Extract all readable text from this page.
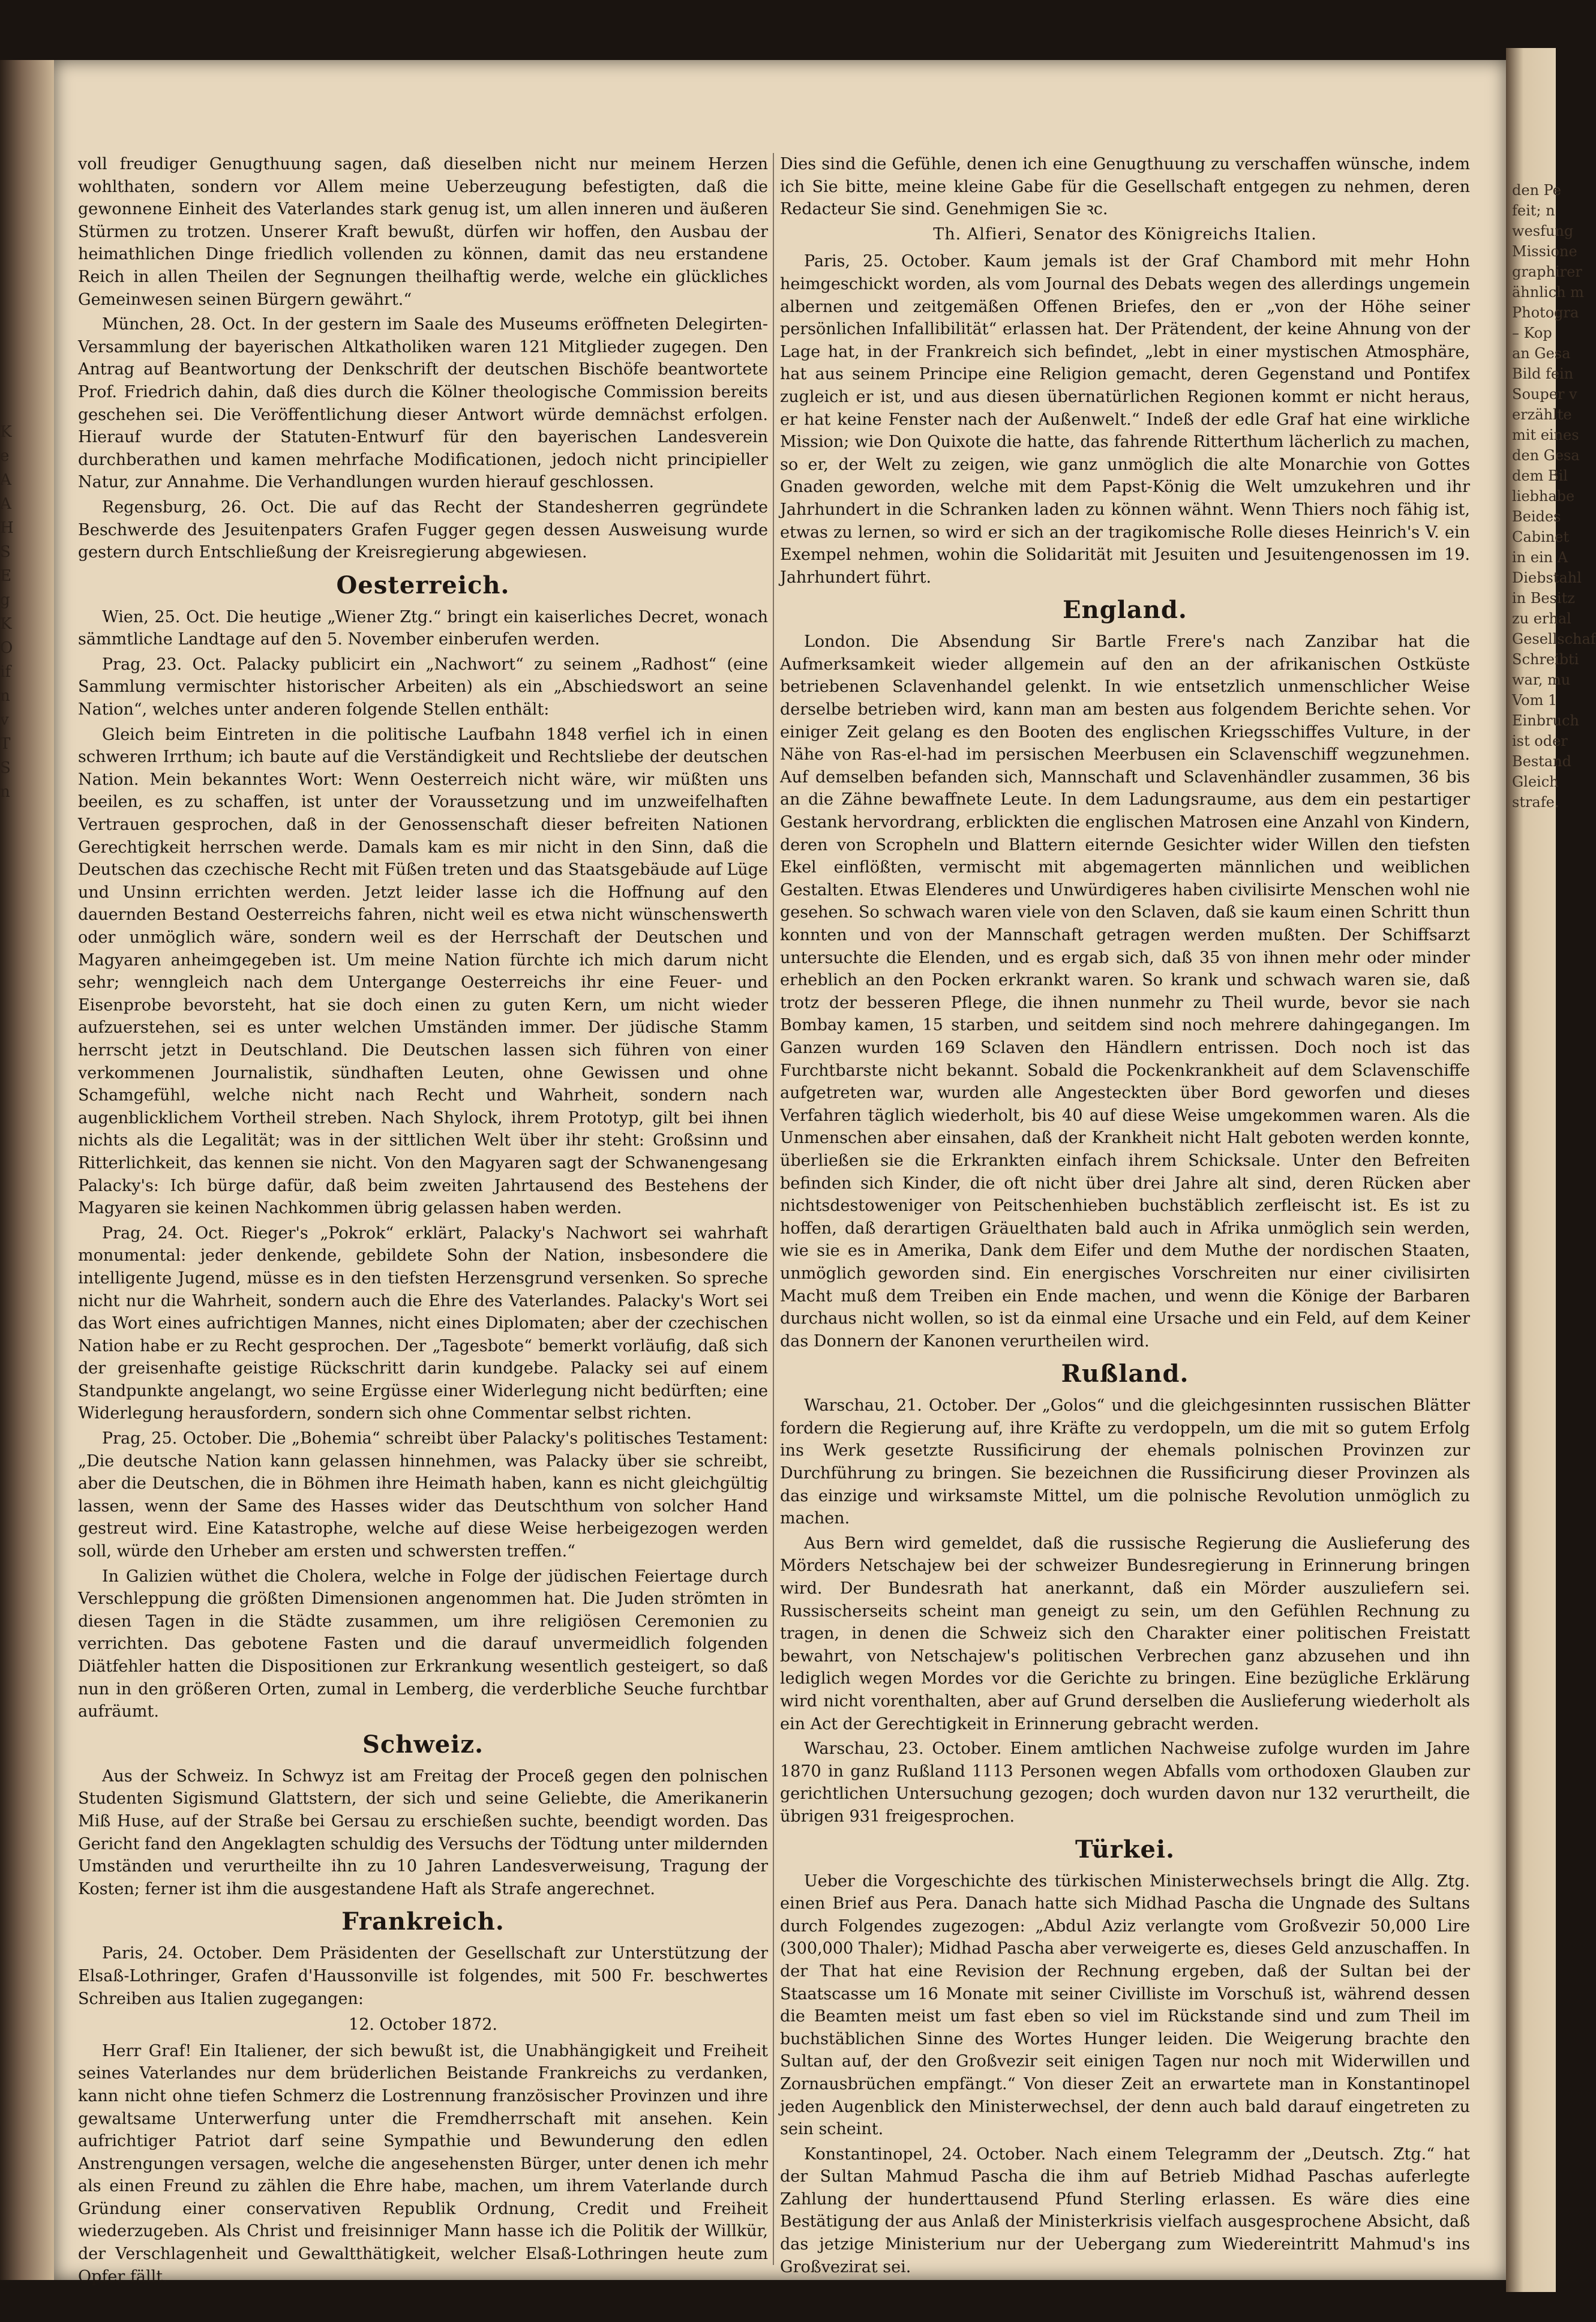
K
e
A
A
H
S
E
g
K
O
if
n
v
T
S
n
den Pe
feit; n
wesfung
Missione
graphirer
ähnlich m
Photogra
– Kop
an Gesa
Bild fein
Souper v
erzählte
mit eines
den Gesa
dem Bil
liebhabe
Beides
Cabinet
in ein A
Diebstahl
in Besitz
zu erhal
Gesellschaf
Schreibti
war, mu
Vom 1
Einbruch
ist oder
Bestand
Gleich
strafe.

voll freudiger Genugthuung sagen, daß dieselben nicht nur meinem Herzen wohlthaten, sondern vor Allem meine Ueberzeugung befestigten, daß die gewonnene Einheit des Vaterlandes stark genug ist, um allen inneren und äußeren Stürmen zu trotzen. Unserer Kraft bewußt, dürfen wir hoffen, den Ausbau der heimathlichen Dinge friedlich vollenden zu können, damit das neu erstandene Reich in allen Theilen der Segnungen theilhaftig werde, welche ein glückliches Gemeinwesen seinen Bürgern gewährt.“

München, 28. Oct. In der gestern im Saale des Museums eröffneten Delegirten-Versammlung der bayerischen Altkatholiken waren 121 Mitglieder zugegen. Den Antrag auf Beantwortung der Denkschrift der deutschen Bischöfe beantwortete Prof. Friedrich dahin, daß dies durch die Kölner theologische Commission bereits geschehen sei. Die Veröffentlichung dieser Antwort würde demnächst erfolgen. Hierauf wurde der Statuten-Entwurf für den bayerischen Landesverein durchberathen und kamen mehrfache Modificationen, jedoch nicht principieller Natur, zur Annahme. Die Verhandlungen wurden hierauf geschlossen.

Regensburg, 26. Oct. Die auf das Recht der Standesherren gegründete Beschwerde des Jesuitenpaters Grafen Fugger gegen dessen Ausweisung wurde gestern durch Entschließung der Kreisregierung abgewiesen.

Oesterreich.

Wien, 25. Oct. Die heutige „Wiener Ztg.“ bringt ein kaiserliches Decret, wonach sämmtliche Landtage auf den 5. November einberufen werden.

Prag, 23. Oct. Palacky publicirt ein „Nachwort“ zu seinem „Radhost“ (eine Sammlung vermischter historischer Arbeiten) als ein „Abschiedswort an seine Nation“, welches unter anderen folgende Stellen enthält:

Gleich beim Eintreten in die politische Laufbahn 1848 verfiel ich in einen schweren Irrthum; ich baute auf die Verständigkeit und Rechtsliebe der deutschen Nation. Mein bekanntes Wort: Wenn Oesterreich nicht wäre, wir müßten uns beeilen, es zu schaffen, ist unter der Voraussetzung und im unzweifelhaften Vertrauen gesprochen, daß in der Genossenschaft dieser befreiten Nationen Gerechtigkeit herrschen werde. Damals kam es mir nicht in den Sinn, daß die Deutschen das czechische Recht mit Füßen treten und das Staatsgebäude auf Lüge und Unsinn errichten werden. Jetzt leider lasse ich die Hoffnung auf den dauernden Bestand Oesterreichs fahren, nicht weil es etwa nicht wünschenswerth oder unmöglich wäre, sondern weil es der Herrschaft der Deutschen und Magyaren anheimgegeben ist. Um meine Nation fürchte ich mich darum nicht sehr; wenngleich nach dem Untergange Oesterreichs ihr eine Feuer- und Eisenprobe bevorsteht, hat sie doch einen zu guten Kern, um nicht wieder aufzuerstehen, sei es unter welchen Umständen immer. Der jüdische Stamm herrscht jetzt in Deutschland. Die Deutschen lassen sich führen von einer verkommenen Journalistik, sündhaften Leuten, ohne Gewissen und ohne Schamgefühl, welche nicht nach Recht und Wahrheit, sondern nach augenblicklichem Vortheil streben. Nach Shylock, ihrem Prototyp, gilt bei ihnen nichts als die Legalität; was in der sittlichen Welt über ihr steht: Großsinn und Ritterlichkeit, das kennen sie nicht. Von den Magyaren sagt der Schwanengesang Palacky's: Ich bürge dafür, daß beim zweiten Jahrtausend des Bestehens der Magyaren sie keinen Nachkommen übrig gelassen haben werden.

Prag, 24. Oct. Rieger's „Pokrok“ erklärt, Palacky's Nachwort sei wahrhaft monumental: jeder denkende, gebildete Sohn der Nation, insbesondere die intelligente Jugend, müsse es in den tiefsten Herzensgrund versenken. So spreche nicht nur die Wahrheit, sondern auch die Ehre des Vaterlandes. Palacky's Wort sei das Wort eines aufrichtigen Mannes, nicht eines Diplomaten; aber der czechischen Nation habe er zu Recht gesprochen. Der „Tagesbote“ bemerkt vorläufig, daß sich der greisenhafte geistige Rückschritt darin kundgebe. Palacky sei auf einem Standpunkte angelangt, wo seine Ergüsse einer Widerlegung nicht bedürften; eine Widerlegung herausfordern, sondern sich ohne Commentar selbst richten.

Prag, 25. October. Die „Bohemia“ schreibt über Palacky's politisches Testament: „Die deutsche Nation kann gelassen hinnehmen, was Palacky über sie schreibt, aber die Deutschen, die in Böhmen ihre Heimath haben, kann es nicht gleichgültig lassen, wenn der Same des Hasses wider das Deutschthum von solcher Hand gestreut wird. Eine Katastrophe, welche auf diese Weise herbeigezogen werden soll, würde den Urheber am ersten und schwersten treffen.“

In Galizien wüthet die Cholera, welche in Folge der jüdischen Feiertage durch Verschleppung die größten Dimensionen angenommen hat. Die Juden strömten in diesen Tagen in die Städte zusammen, um ihre religiösen Ceremonien zu verrichten. Das gebotene Fasten und die darauf unvermeidlich folgenden Diätfehler hatten die Dispositionen zur Erkrankung wesentlich gesteigert, so daß nun in den größeren Orten, zumal in Lemberg, die verderbliche Seuche furchtbar aufräumt.

Schweiz.

Aus der Schweiz. In Schwyz ist am Freitag der Proceß gegen den polnischen Studenten Sigismund Glattstern, der sich und seine Geliebte, die Amerikanerin Miß Huse, auf der Straße bei Gersau zu erschießen suchte, beendigt worden. Das Gericht fand den Angeklagten schuldig des Versuchs der Tödtung unter mildernden Umständen und verurtheilte ihn zu 10 Jahren Landesverweisung, Tragung der Kosten; ferner ist ihm die ausgestandene Haft als Strafe angerechnet.

Frankreich.

Paris, 24. October. Dem Präsidenten der Gesellschaft zur Unterstützung der Elsaß-Lothringer, Grafen d'Haussonville ist folgendes, mit 500 Fr. beschwertes Schreiben aus Italien zugegangen:

12. October 1872.

Herr Graf! Ein Italiener, der sich bewußt ist, die Unabhängigkeit und Freiheit seines Vaterlandes nur dem brüderlichen Beistande Frankreichs zu verdanken, kann nicht ohne tiefen Schmerz die Lostrennung französischer Provinzen und ihre gewaltsame Unterwerfung unter die Fremdherrschaft mit ansehen. Kein aufrichtiger Patriot darf seine Sympathie und Bewunderung den edlen Anstrengungen versagen, welche die angesehensten Bürger, unter denen ich mehr als einen Freund zu zählen die Ehre habe, machen, um ihrem Vaterlande durch Gründung einer conservativen Republik Ordnung, Credit und Freiheit wiederzugeben. Als Christ und freisinniger Mann hasse ich die Politik der Willkür, der Verschlagenheit und Gewaltthätigkeit, welcher Elsaß-Lothringen heute zum Opfer fällt.

Dies sind die Gefühle, denen ich eine Genugthuung zu verschaffen wünsche, indem ich Sie bitte, meine kleine Gabe für die Gesellschaft entgegen zu nehmen, deren Redacteur Sie sind. Genehmigen Sie ꝛc.

Th. Alfieri, Senator des Königreichs Italien.

Paris, 25. October. Kaum jemals ist der Graf Chambord mit mehr Hohn heimgeschickt worden, als vom Journal des Debats wegen des allerdings ungemein albernen und zeitgemäßen Offenen Briefes, den er „von der Höhe seiner persönlichen Infallibilität“ erlassen hat. Der Prätendent, der keine Ahnung von der Lage hat, in der Frankreich sich befindet, „lebt in einer mystischen Atmosphäre, hat aus seinem Principe eine Religion gemacht, deren Gegenstand und Pontifex zugleich er ist, und aus diesen übernatürlichen Regionen kommt er nicht heraus, er hat keine Fenster nach der Außenwelt.“ Indeß der edle Graf hat eine wirkliche Mission; wie Don Quixote die hatte, das fahrende Ritterthum lächerlich zu machen, so er, der Welt zu zeigen, wie ganz unmöglich die alte Monarchie von Gottes Gnaden geworden, welche mit dem Papst-König die Welt umzukehren und ihr Jahrhundert in die Schranken laden zu können wähnt. Wenn Thiers noch fähig ist, etwas zu lernen, so wird er sich an der tragikomische Rolle dieses Heinrich's V. ein Exempel nehmen, wohin die Solidarität mit Jesuiten und Jesuitengenossen im 19. Jahrhundert führt.

England.

London. Die Absendung Sir Bartle Frere's nach Zanzibar hat die Aufmerksamkeit wieder allgemein auf den an der afrikanischen Ostküste betriebenen Sclavenhandel gelenkt. In wie entsetzlich unmenschlicher Weise derselbe betrieben wird, kann man am besten aus folgendem Berichte sehen. Vor einiger Zeit gelang es den Booten des englischen Kriegsschiffes Vulture, in der Nähe von Ras-el-had im persischen Meerbusen ein Sclavenschiff wegzunehmen. Auf demselben befanden sich, Mannschaft und Sclavenhändler zusammen, 36 bis an die Zähne bewaffnete Leute. In dem Ladungsraume, aus dem ein pestartiger Gestank hervordrang, erblickten die englischen Matrosen eine Anzahl von Kindern, deren von Scropheln und Blattern eiternde Gesichter wider Willen den tiefsten Ekel einflößten, vermischt mit abgemagerten männlichen und weiblichen Gestalten. Etwas Elenderes und Unwürdigeres haben civilisirte Menschen wohl nie gesehen. So schwach waren viele von den Sclaven, daß sie kaum einen Schritt thun konnten und von der Mannschaft getragen werden mußten. Der Schiffsarzt untersuchte die Elenden, und es ergab sich, daß 35 von ihnen mehr oder minder erheblich an den Pocken erkrankt waren. So krank und schwach waren sie, daß trotz der besseren Pflege, die ihnen nunmehr zu Theil wurde, bevor sie nach Bombay kamen, 15 starben, und seitdem sind noch mehrere dahingegangen. Im Ganzen wurden 169 Sclaven den Händlern entrissen. Doch noch ist das Furchtbarste nicht bekannt. Sobald die Pockenkrankheit auf dem Sclavenschiffe aufgetreten war, wurden alle Angesteckten über Bord geworfen und dieses Verfahren täglich wiederholt, bis 40 auf diese Weise umgekommen waren. Als die Unmenschen aber einsahen, daß der Krankheit nicht Halt geboten werden konnte, überließen sie die Erkrankten einfach ihrem Schicksale. Unter den Befreiten befinden sich Kinder, die oft nicht über drei Jahre alt sind, deren Rücken aber nichtsdestoweniger von Peitschenhieben buchstäblich zerfleischt ist. Es ist zu hoffen, daß derartigen Gräuelthaten bald auch in Afrika unmöglich sein werden, wie sie es in Amerika, Dank dem Eifer und dem Muthe der nordischen Staaten, unmöglich geworden sind. Ein energisches Vorschreiten nur einer civilisirten Macht muß dem Treiben ein Ende machen, und wenn die Könige der Barbaren durchaus nicht wollen, so ist da einmal eine Ursache und ein Feld, auf dem Keiner das Donnern der Kanonen verurtheilen wird.

Rußland.

Warschau, 21. October. Der „Golos“ und die gleichgesinnten russischen Blätter fordern die Regierung auf, ihre Kräfte zu verdoppeln, um die mit so gutem Erfolg ins Werk gesetzte Russificirung der ehemals polnischen Provinzen zur Durchführung zu bringen. Sie bezeichnen die Russificirung dieser Provinzen als das einzige und wirksamste Mittel, um die polnische Revolution unmöglich zu machen.

Aus Bern wird gemeldet, daß die russische Regierung die Auslieferung des Mörders Netschajew bei der schweizer Bundesregierung in Erinnerung bringen wird. Der Bundesrath hat anerkannt, daß ein Mörder auszuliefern sei. Russischerseits scheint man geneigt zu sein, um den Gefühlen Rechnung zu tragen, in denen die Schweiz sich den Charakter einer politischen Freistatt bewahrt, von Netschajew's politischen Verbrechen ganz abzusehen und ihn lediglich wegen Mordes vor die Gerichte zu bringen. Eine bezügliche Erklärung wird nicht vorenthalten, aber auf Grund derselben die Auslieferung wiederholt als ein Act der Gerechtigkeit in Erinnerung gebracht werden.

Warschau, 23. October. Einem amtlichen Nachweise zufolge wurden im Jahre 1870 in ganz Rußland 1113 Personen wegen Abfalls vom orthodoxen Glauben zur gerichtlichen Untersuchung gezogen; doch wurden davon nur 132 verurtheilt, die übrigen 931 freigesprochen.

Türkei.

Ueber die Vorgeschichte des türkischen Ministerwechsels bringt die Allg. Ztg. einen Brief aus Pera. Danach hatte sich Midhad Pascha die Ungnade des Sultans durch Folgendes zugezogen: „Abdul Aziz verlangte vom Großvezir 50,000 Lire (300,000 Thaler); Midhad Pascha aber verweigerte es, dieses Geld anzuschaffen. In der That hat eine Revision der Rechnung ergeben, daß der Sultan bei der Staatscasse um 16 Monate mit seiner Civilliste im Vorschuß ist, während dessen die Beamten meist um fast eben so viel im Rückstande sind und zum Theil im buchstäblichen Sinne des Wortes Hunger leiden. Die Weigerung brachte den Sultan auf, der den Großvezir seit einigen Tagen nur noch mit Widerwillen und Zornausbrüchen empfängt.“ Von dieser Zeit an erwartete man in Konstantinopel jeden Augenblick den Ministerwechsel, der denn auch bald darauf eingetreten zu sein scheint.

Konstantinopel, 24. October. Nach einem Telegramm der „Deutsch. Ztg.“ hat der Sultan Mahmud Pascha die ihm auf Betrieb Midhad Paschas auferlegte Zahlung der hunderttausend Pfund Sterling erlassen. Es wäre dies eine Bestätigung der aus Anlaß der Ministerkrisis vielfach ausgesprochene Absicht, daß das jetzige Ministerium nur der Uebergang zum Wiedereintritt Mahmud's ins Großvezirat sei.
